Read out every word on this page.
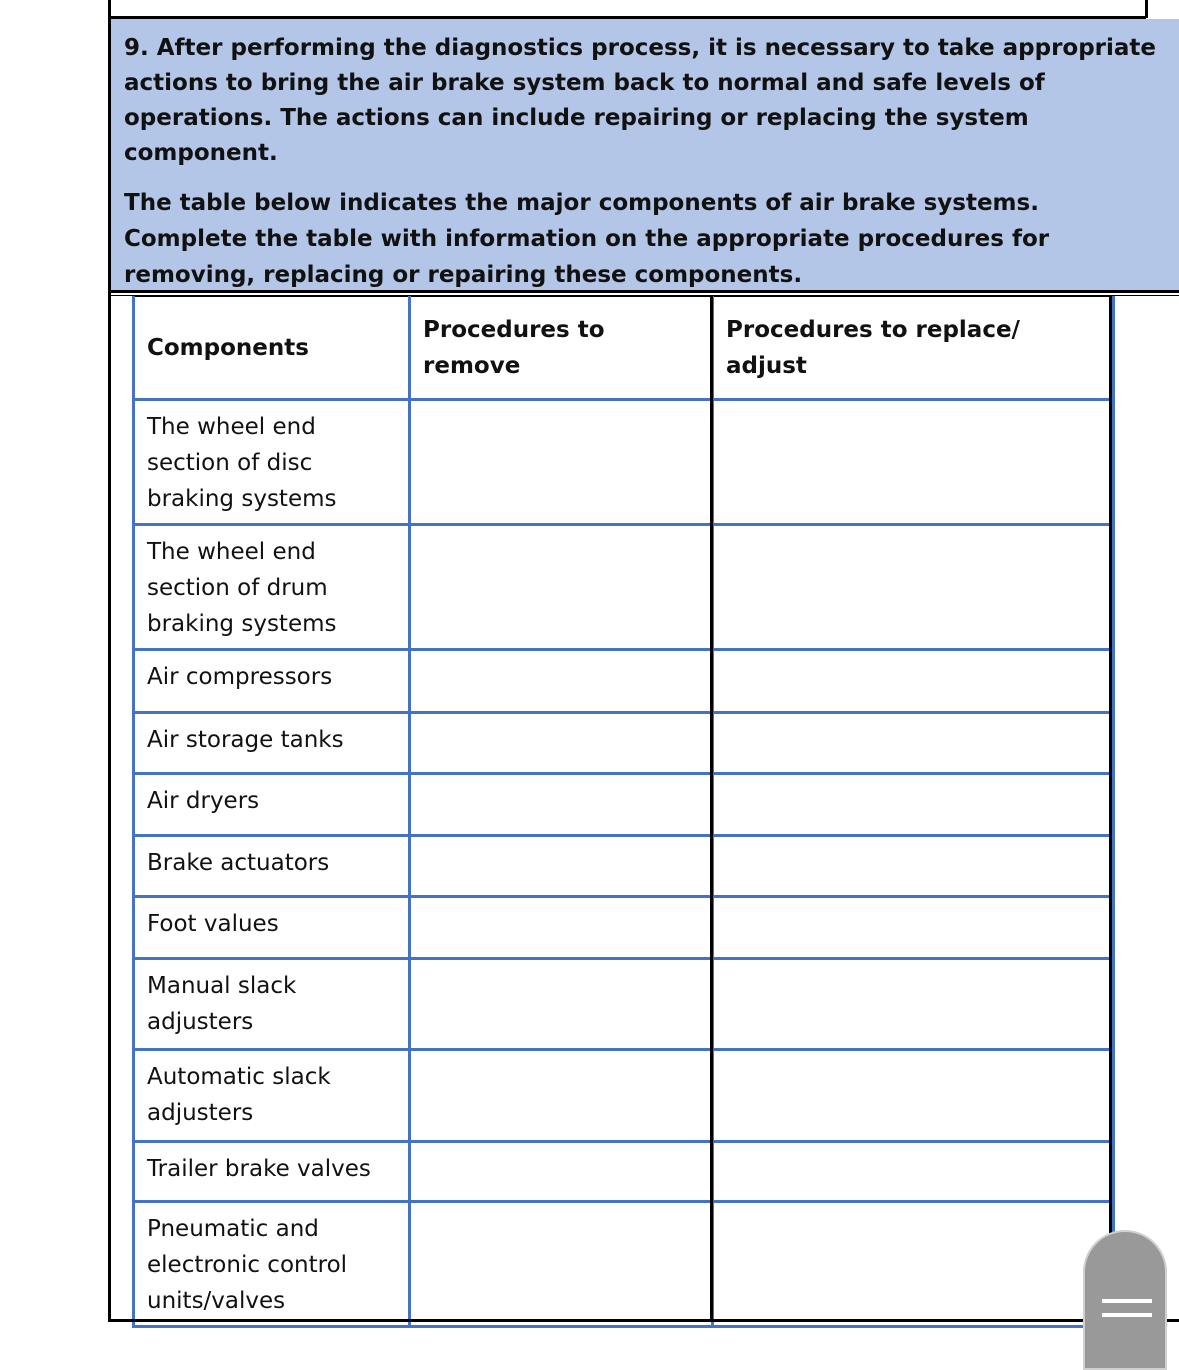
9. After performing the diagnostics process, it is necessary to take appropriate actions to bring the air brake system back to normal and safe levels of operations. The actions can include repairing or replacing the system component.

The table below indicates the major components of air brake systems. Complete the table with information on the appropriate procedures for removing, replacing or repairing these components.

Components	Procedures to remove	Procedures to replace/ adjust
The wheel end section of disc braking systems		
The wheel end section of drum braking systems		
Air compressors		
Air storage tanks		
Air dryers		
Brake actuators		
Foot values		
Manual slack adjusters		
Automatic slack adjusters		
Trailer brake valves		
Pneumatic and electronic control units/valves		
